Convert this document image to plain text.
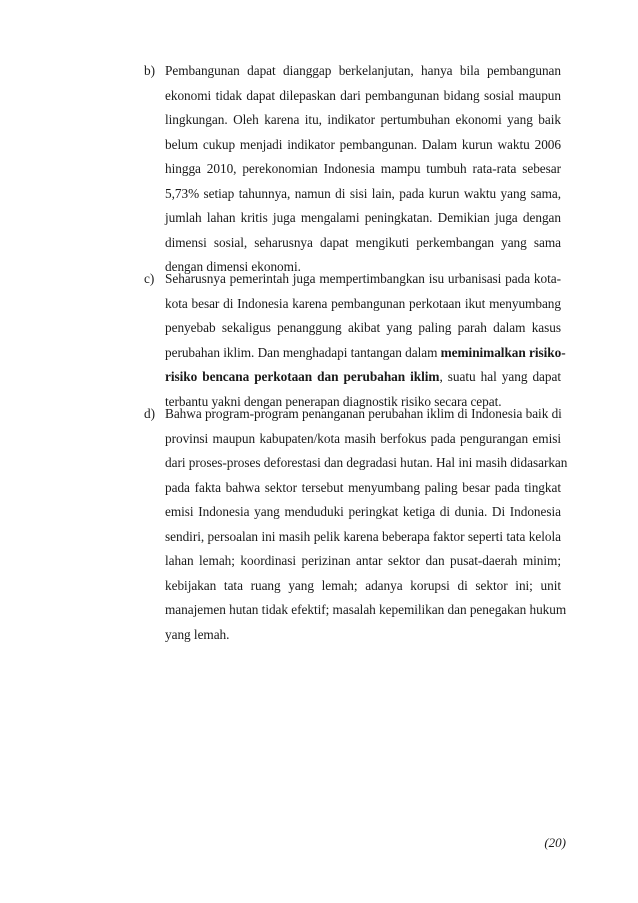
b) Pembangunan dapat dianggap berkelanjutan, hanya bila pembangunan
ekonomi tidak dapat dilepaskan dari pembangunan bidang sosial maupun
lingkungan. Oleh karena itu, indikator pertumbuhan ekonomi yang baik
belum cukup menjadi indikator pembangunan. Dalam kurun waktu 2006
hingga 2010, perekonomian Indonesia mampu tumbuh rata-rata sebesar
5,73% setiap tahunnya, namun di sisi lain, pada kurun waktu yang sama,
jumlah lahan kritis juga mengalami peningkatan. Demikian juga dengan
dimensi sosial, seharusnya dapat mengikuti perkembangan yang sama
dengan dimensi ekonomi.
c) Seharusnya pemerintah juga mempertimbangkan isu urbanisasi pada kota-
kota besar di Indonesia karena pembangunan perkotaan ikut menyumbang
penyebab sekaligus penanggung akibat yang paling parah dalam kasus
perubahan iklim. Dan menghadapi tantangan dalam meminimalkan risiko-
risiko bencana perkotaan dan perubahan iklim, suatu hal yang dapat
terbantu yakni dengan penerapan diagnostik risiko secara cepat.
d) Bahwa program-program penanganan perubahan iklim di Indonesia baik di
provinsi maupun kabupaten/kota masih berfokus pada pengurangan emisi
dari proses-proses deforestasi dan degradasi hutan. Hal ini masih didasarkan
pada fakta bahwa sektor tersebut menyumbang paling besar pada tingkat
emisi Indonesia yang menduduki peringkat ketiga di dunia. Di Indonesia
sendiri, persoalan ini masih pelik karena beberapa faktor seperti tata kelola
lahan lemah; koordinasi perizinan antar sektor dan pusat-daerah minim;
kebijakan tata ruang yang lemah; adanya korupsi di sektor ini; unit
manajemen hutan tidak efektif; masalah kepemilikan dan penegakan hukum
yang lemah.
(20)
